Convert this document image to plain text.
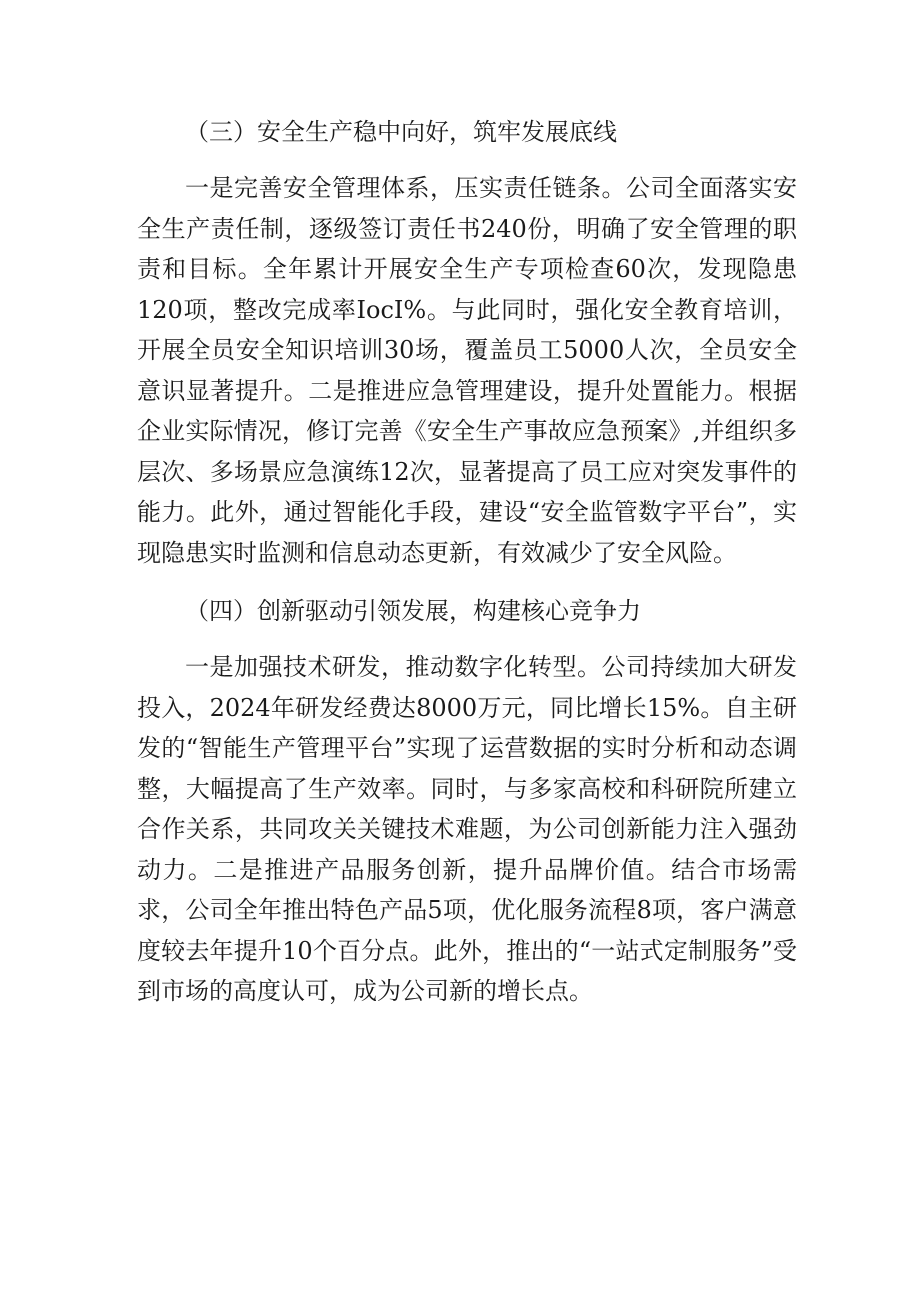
（三）安全生产稳中向好，筑牢发展底线

一是完善安全管理体系，压实责任链条。公司全面落实安全生产责任制，逐级签订责任书240份，明确了安全管理的职责和目标。全年累计开展安全生产专项检查60次，发现隐患120项，整改完成率IocI%。与此同时，强化安全教育培训，开展全员安全知识培训30场，覆盖员工5000人次，全员安全意识显著提升。二是推进应急管理建设，提升处置能力。根据企业实际情况，修订完善《安全生产事故应急预案》,并组织多层次、多场景应急演练12次，显著提高了员工应对突发事件的能力。此外，通过智能化手段，建设“安全监管数字平台”，实现隐患实时监测和信息动态更新，有效减少了安全风险。

（四）创新驱动引领发展，构建核心竞争力

一是加强技术研发，推动数字化转型。公司持续加大研发投入，2024年研发经费达8000万元，同比增长15%。自主研发的“智能生产管理平台”实现了运营数据的实时分析和动态调整，大幅提高了生产效率。同时，与多家高校和科研院所建立合作关系，共同攻关关键技术难题，为公司创新能力注入强劲动力。二是推进产品服务创新，提升品牌价值。结合市场需求，公司全年推出特色产品5项，优化服务流程8项，客户满意度较去年提升10个百分点。此外，推出的“一站式定制服务”受到市场的高度认可，成为公司新的增长点。
